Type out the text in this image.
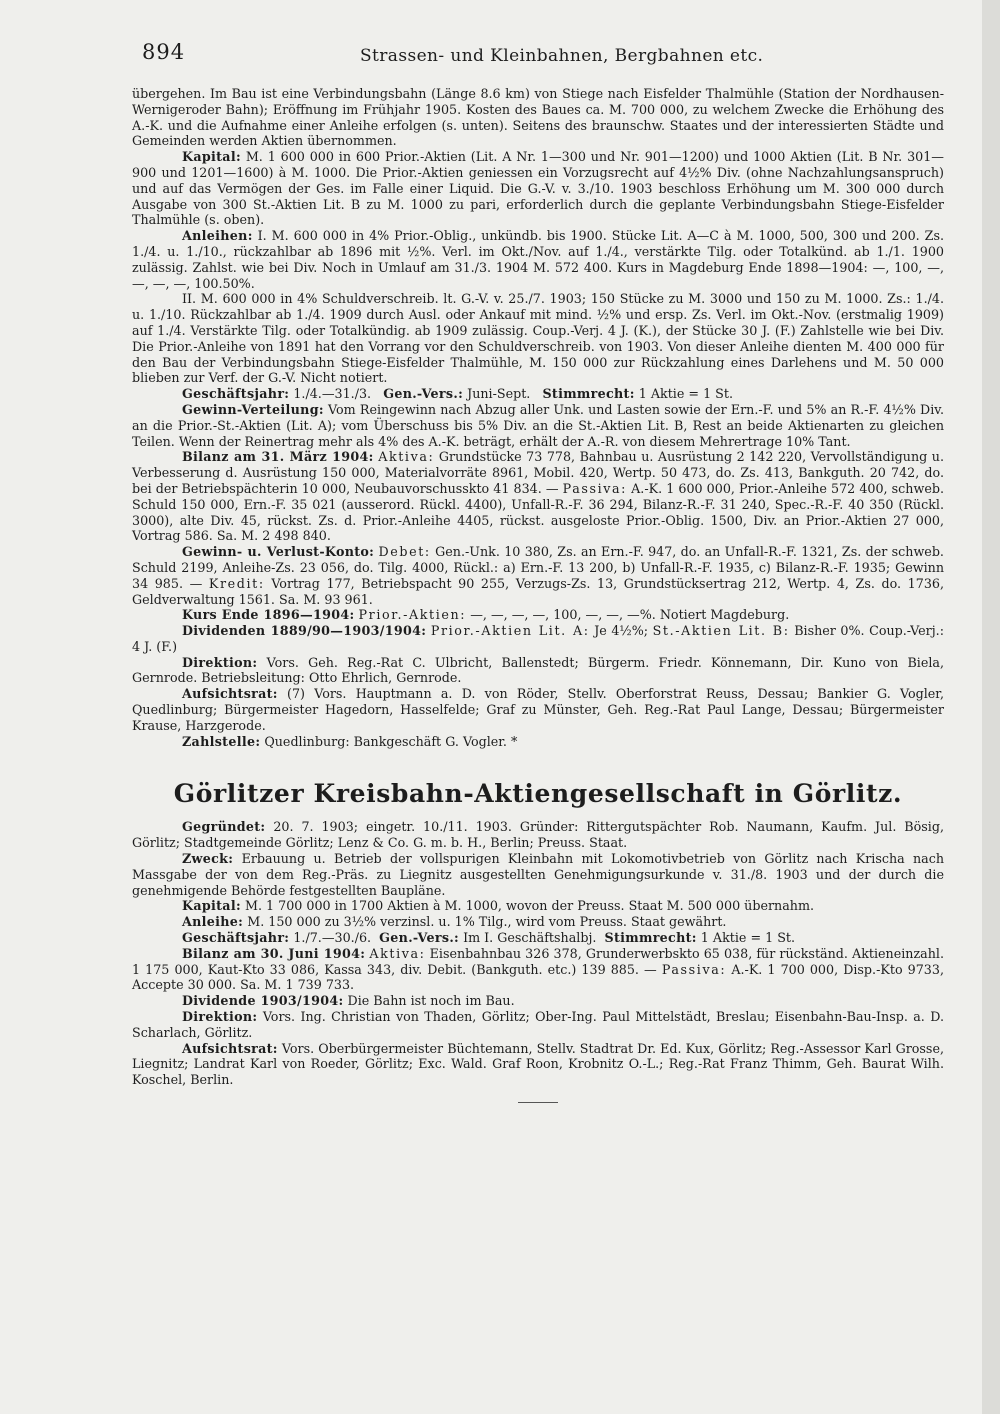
894	Strassen- und Kleinbahnen, Bergbahnen etc.

übergehen. Im Bau ist eine Verbindungsbahn (Länge 8.6 km) von Stiege nach Eisfelder Thalmühle (Station der Nordhausen-Wernigeroder Bahn); Eröffnung im Frühjahr 1905. Kosten des Baues ca. M. 700 000, zu welchem Zwecke die Erhöhung des A.-K. und die Aufnahme einer Anleihe erfolgen (s. unten). Seitens des braunschw. Staates und der interessierten Städte und Gemeinden werden Aktien übernommen.

Kapital: M. 1 600 000 in 600 Prior.-Aktien (Lit. A Nr. 1—300 und Nr. 901—1200) und 1000 Aktien (Lit. B Nr. 301—900 und 1201—1600) à M. 1000. Die Prior.-Aktien geniessen ein Vorzugsrecht auf 4½% Div. (ohne Nachzahlungsanspruch) und auf das Vermögen der Ges. im Falle einer Liquid. Die G.-V. v. 3./10. 1903 beschloss Erhöhung um M. 300 000 durch Ausgabe von 300 St.-Aktien Lit. B zu M. 1000 zu pari, erforderlich durch die geplante Verbindungsbahn Stiege-Eisfelder Thalmühle (s. oben).

Anleihen: I. M. 600 000 in 4% Prior.-Oblig., unkündb. bis 1900. Stücke Lit. A—C à M. 1000, 500, 300 und 200. Zs. 1./4. u. 1./10., rückzahlbar ab 1896 mit ½%. Verl. im Okt./Nov. auf 1./4., verstärkte Tilg. oder Totalkünd. ab 1./1. 1900 zulässig. Zahlst. wie bei Div. Noch in Umlauf am 31./3. 1904 M. 572 400. Kurs in Magdeburg Ende 1898—1904: —, 100, —, —, —, —, 100.50%.

II. M. 600 000 in 4% Schuldverschreib. lt. G.-V. v. 25./7. 1903; 150 Stücke zu M. 3000 und 150 zu M. 1000. Zs.: 1./4. u. 1./10. Rückzahlbar ab 1./4. 1909 durch Ausl. oder Ankauf mit mind. ½% und ersp. Zs. Verl. im Okt.-Nov. (erstmalig 1909) auf 1./4. Verstärkte Tilg. oder Totalkündig. ab 1909 zulässig. Coup.-Verj. 4 J. (K.), der Stücke 30 J. (F.) Zahlstelle wie bei Div. Die Prior.-Anleihe von 1891 hat den Vorrang vor den Schuldverschreib. von 1903. Von dieser Anleihe dienten M. 400 000 für den Bau der Verbindungsbahn Stiege-Eisfelder Thalmühle, M. 150 000 zur Rückzahlung eines Darlehens und M. 50 000 blieben zur Verf. der G.-V. Nicht notiert.

Geschäftsjahr: 1./4.—31./3. Gen.-Vers.: Juni-Sept. Stimmrecht: 1 Aktie = 1 St.

Gewinn-Verteilung: Vom Reingewinn nach Abzug aller Unk. und Lasten sowie der Ern.-F. und 5% an R.-F. 4½% Div. an die Prior.-St.-Aktien (Lit. A); vom Überschuss bis 5% Div. an die St.-Aktien Lit. B, Rest an beide Aktienarten zu gleichen Teilen. Wenn der Reinertrag mehr als 4% des A.-K. beträgt, erhält der A.-R. von diesem Mehrertrage 10% Tant.

Bilanz am 31. März 1904: Aktiva: Grundstücke 73 778, Bahnbau u. Ausrüstung 2 142 220, Vervollständigung u. Verbesserung d. Ausrüstung 150 000, Materialvorräte 8961, Mobil. 420, Wertp. 50 473, do. Zs. 413, Bankguth. 20 742, do. bei der Betriebspächterin 10 000, Neubauvorschusskto 41 834. — Passiva: A.-K. 1 600 000, Prior.-Anleihe 572 400, schweb. Schuld 150 000, Ern.-F. 35 021 (ausserord. Rückl. 4400), Unfall-R.-F. 36 294, Bilanz-R.-F. 31 240, Spec.-R.-F. 40 350 (Rückl. 3000), alte Div. 45, rückst. Zs. d. Prior.-Anleihe 4405, rückst. ausgeloste Prior.-Oblig. 1500, Div. an Prior.-Aktien 27 000, Vortrag 586. Sa. M. 2 498 840.

Gewinn- u. Verlust-Konto: Debet: Gen.-Unk. 10 380, Zs. an Ern.-F. 947, do. an Unfall-R.-F. 1321, Zs. der schweb. Schuld 2199, Anleihe-Zs. 23 056, do. Tilg. 4000, Rückl.: a) Ern.-F. 13 200, b) Unfall-R.-F. 1935, c) Bilanz-R.-F. 1935; Gewinn 34 985. — Kredit: Vortrag 177, Betriebspacht 90 255, Verzugs-Zs. 13, Grundstücksertrag 212, Wertp. 4, Zs. do. 1736, Geldverwaltung 1561. Sa. M. 93 961.

Kurs Ende 1896—1904: Prior.-Aktien: —, —, —, —, 100, —, —, —%. Notiert Magdeburg.

Dividenden 1889/90—1903/1904: Prior.-Aktien Lit. A: Je 4½%; St.-Aktien Lit. B: Bisher 0%. Coup.-Verj.: 4 J. (F.)

Direktion: Vors. Geh. Reg.-Rat C. Ulbricht, Ballenstedt; Bürgerm. Friedr. Könnemann, Dir. Kuno von Biela, Gernrode. Betriebsleitung: Otto Ehrlich, Gernrode.

Aufsichtsrat: (7) Vors. Hauptmann a. D. von Röder, Stellv. Oberforstrat Reuss, Dessau; Bankier G. Vogler, Quedlinburg; Bürgermeister Hagedorn, Hasselfelde; Graf zu Münster, Geh. Reg.-Rat Paul Lange, Dessau; Bürgermeister Krause, Harzgerode.

Zahlstelle: Quedlinburg: Bankgeschäft G. Vogler. *

Görlitzer Kreisbahn-Aktiengesellschaft in Görlitz.

Gegründet: 20. 7. 1903; eingetr. 10./11. 1903. Gründer: Rittergutspächter Rob. Naumann, Kaufm. Jul. Bösig, Görlitz; Stadtgemeinde Görlitz; Lenz & Co. G. m. b. H., Berlin; Preuss. Staat.

Zweck: Erbauung u. Betrieb der vollspurigen Kleinbahn mit Lokomotivbetrieb von Görlitz nach Krischa nach Massgabe der von dem Reg.-Präs. zu Liegnitz ausgestellten Genehmigungsurkunde v. 31./8. 1903 und der durch die genehmigende Behörde festgestellten Baupläne.

Kapital: M. 1 700 000 in 1700 Aktien à M. 1000, wovon der Preuss. Staat M. 500 000 übernahm.

Anleihe: M. 150 000 zu 3½% verzinsl. u. 1% Tilg., wird vom Preuss. Staat gewährt.

Geschäftsjahr: 1./7.—30./6. Gen.-Vers.: Im I. Geschäftshalbj. Stimmrecht: 1 Aktie = 1 St.

Bilanz am 30. Juni 1904: Aktiva: Eisenbahnbau 326 378, Grunderwerbskto 65 038, für rückständ. Aktieneinzahl. 1 175 000, Kaut-Kto 33 086, Kassa 343, div. Debit. (Bankguth. etc.) 139 885. — Passiva: A.-K. 1 700 000, Disp.-Kto 9733, Accepte 30 000. Sa. M. 1 739 733.

Dividende 1903/1904: Die Bahn ist noch im Bau.

Direktion: Vors. Ing. Christian von Thaden, Görlitz; Ober-Ing. Paul Mittelstädt, Breslau; Eisenbahn-Bau-Insp. a. D. Scharlach, Görlitz.

Aufsichtsrat: Vors. Oberbürgermeister Büchtemann, Stellv. Stadtrat Dr. Ed. Kux, Görlitz; Reg.-Assessor Karl Grosse, Liegnitz; Landrat Karl von Roeder, Görlitz; Exc. Wald. Graf Roon, Krobnitz O.-L.; Reg.-Rat Franz Thimm, Geh. Baurat Wilh. Koschel, Berlin.
